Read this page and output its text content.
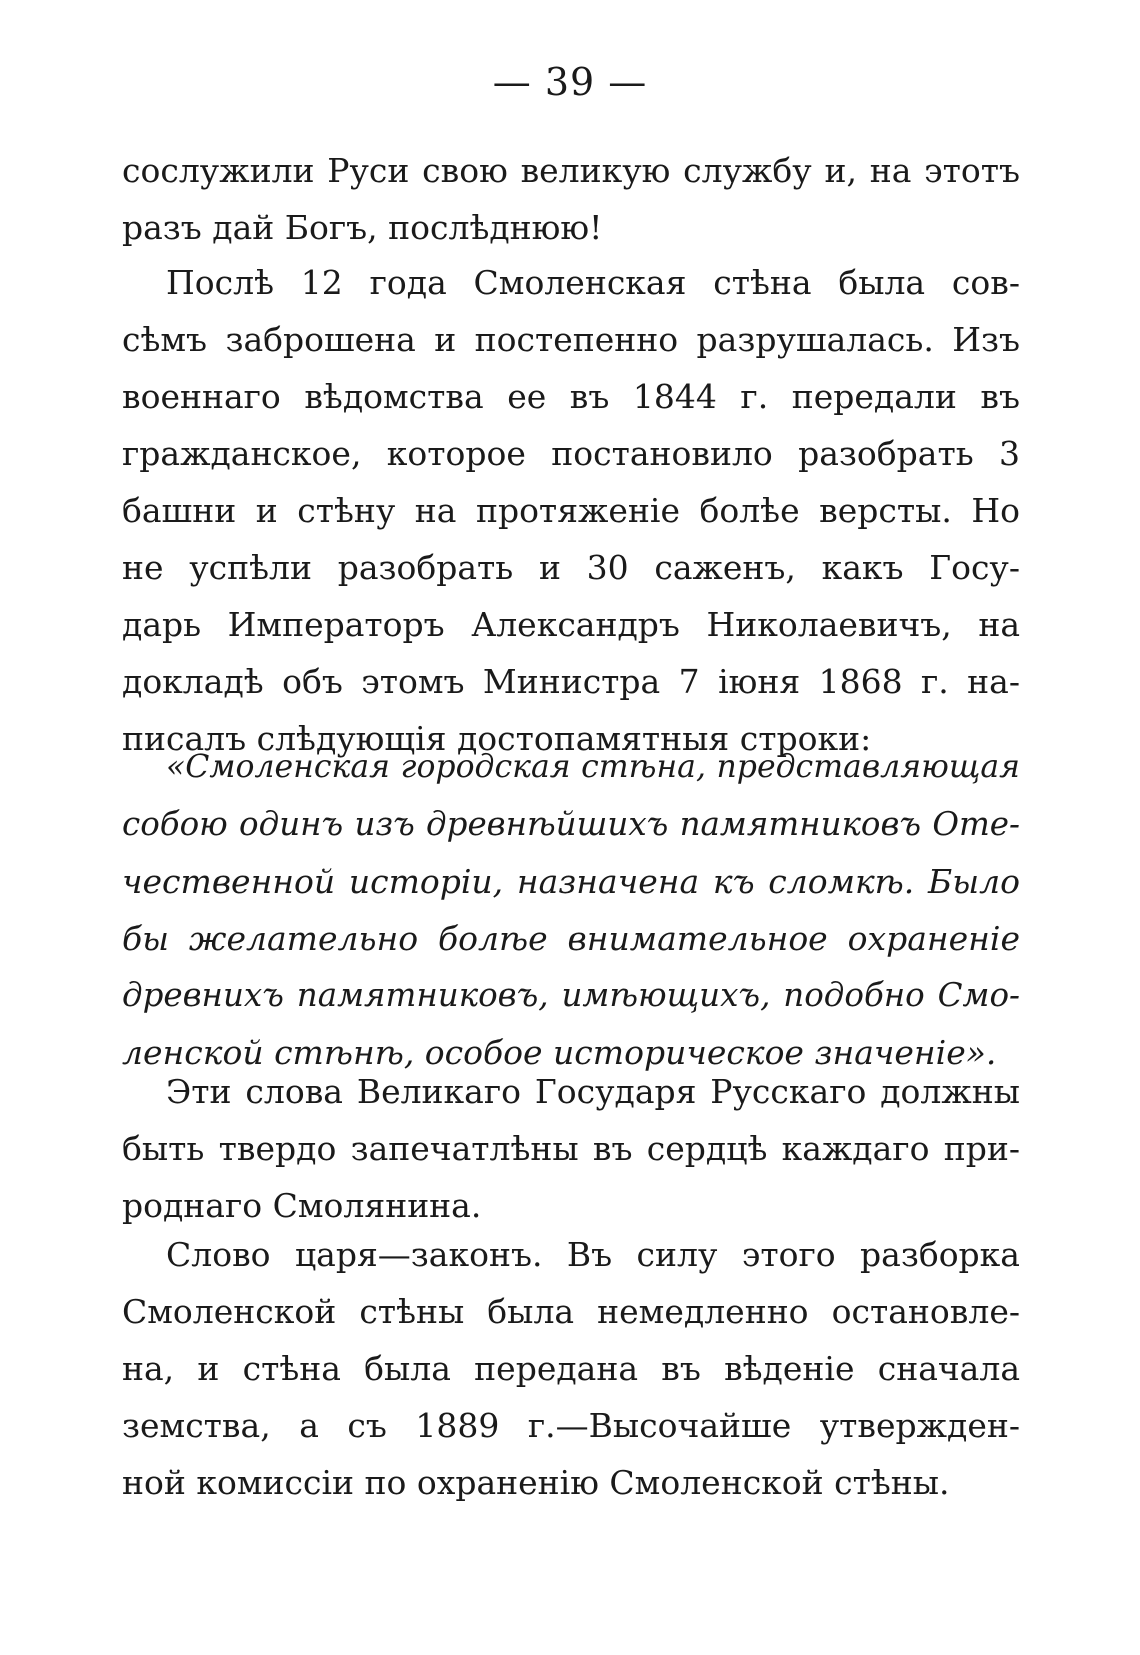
— 39 —
сослужили Руси свою великую службу и, на этотъ
разъ дай Богъ, послѣднюю!
Послѣ 12 года Смоленская стѣна была сов-
сѣмъ заброшена и постепенно разрушалась. Изъ
военнаго вѣдомства ее въ 1844 г. передали въ
гражданское, которое постановило разобрать 3
башни и стѣну на протяженіе болѣе версты. Но
не успѣли разобрать и 30 саженъ, какъ Госу-
дарь Императоръ Александръ Николаевичъ, на
докладѣ объ этомъ Министра 7 іюня 1868 г. на-
писалъ слѣдующія достопамятныя строки:
«Смоленская городская стѣна, представляющая
собою одинъ изъ древнѣйшихъ памятниковъ Оте-
чественной исторіи, назначена къ сломкѣ. Было
бы желательно болѣе внимательное охраненіе
древнихъ памятниковъ, имѣющихъ, подобно Смо-
ленской стѣнѣ, особое историческое значеніе».
Эти слова Великаго Государя Русскаго должны
быть твердо запечатлѣны въ сердцѣ каждаго при-
роднаго Смолянина.
Слово царя—законъ. Въ силу этого разборка
Смоленской стѣны была немедленно остановле-
на, и стѣна была передана въ вѣденіе сначала
земства, а съ 1889 г.—Высочайше утвержден-
ной комиссіи по охраненію Смоленской стѣны.
